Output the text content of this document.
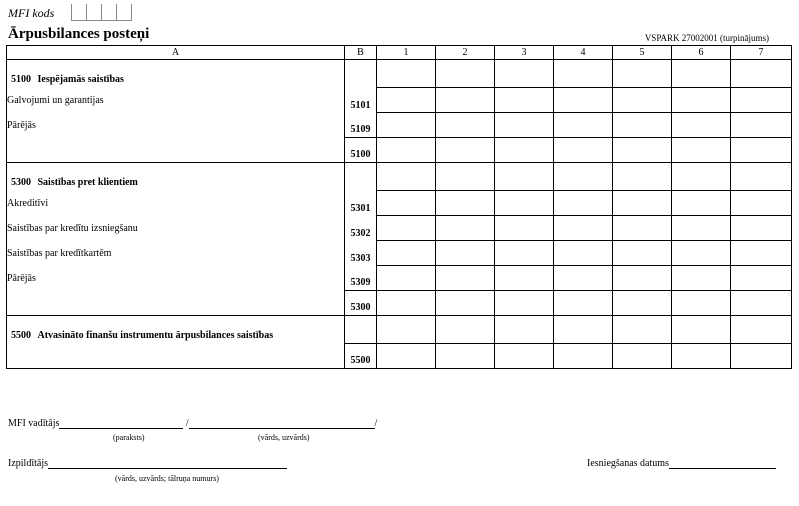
MFI kods
Ārpusbilances posteņi	VSPARK 27002001 (turpinājums)
A	B	1	2	3	4	5	6	7
5100 Iespējamās saistības								
Galvojumi un garantijas	5101							
Pārējās	5109							
	5100							
5300 Saistības pret klientiem								
Akreditīvi	5301							
Saistības par kredītu izsniegšanu	5302							
Saistības par kredītkartēm	5303							
Pārējās	5309							
	5300							
5500 Atvasināto finanšu instrumentu ārpusbilances saistības								
	5500							
MFI vadītājs	/	/
(paraksts)	(vārds, uzvārds)
Izpildītājs
(vārds, uzvārds; tālruņa numurs)
Iesniegšanas datums
